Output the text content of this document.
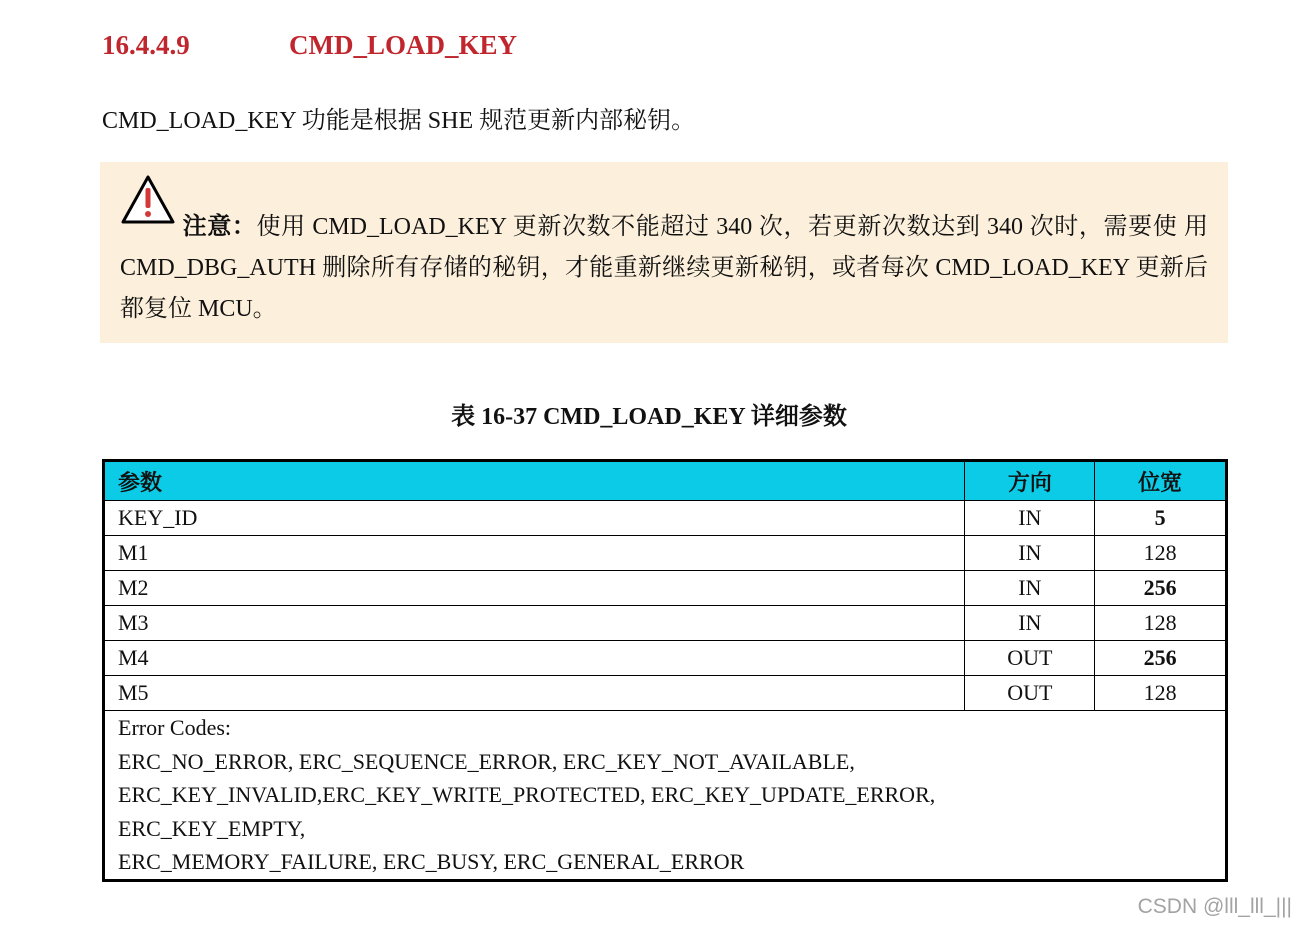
16.4.4.9	CMD_LOAD_KEY
CMD_LOAD_KEY 功能是根据 SHE 规范更新内部秘钥。
注意：使用 CMD_LOAD_KEY 更新次数不能超过 340 次，若更新次数达到 340 次时，需要使 用 CMD_DBG_AUTH 删除所有存储的秘钥，才能重新继续更新秘钥，或者每次 CMD_LOAD_KEY 更新后都复位 MCU。
表 16-37 CMD_LOAD_KEY 详细参数
参数	方向	位宽
KEY_ID	IN	5
M1	IN	128
M2	IN	256
M3	IN	128
M4	OUT	256
M5	OUT	128

Error Codes:
ERC_NO_ERROR, ERC_SEQUENCE_ERROR, ERC_KEY_NOT_AVAILABLE,
ERC_KEY_INVALID,ERC_KEY_WRITE_PROTECTED, ERC_KEY_UPDATE_ERROR,
ERC_KEY_EMPTY,
ERC_MEMORY_FAILURE, ERC_BUSY, ERC_GENERAL_ERROR		
CSDN @lll_lll_|||
